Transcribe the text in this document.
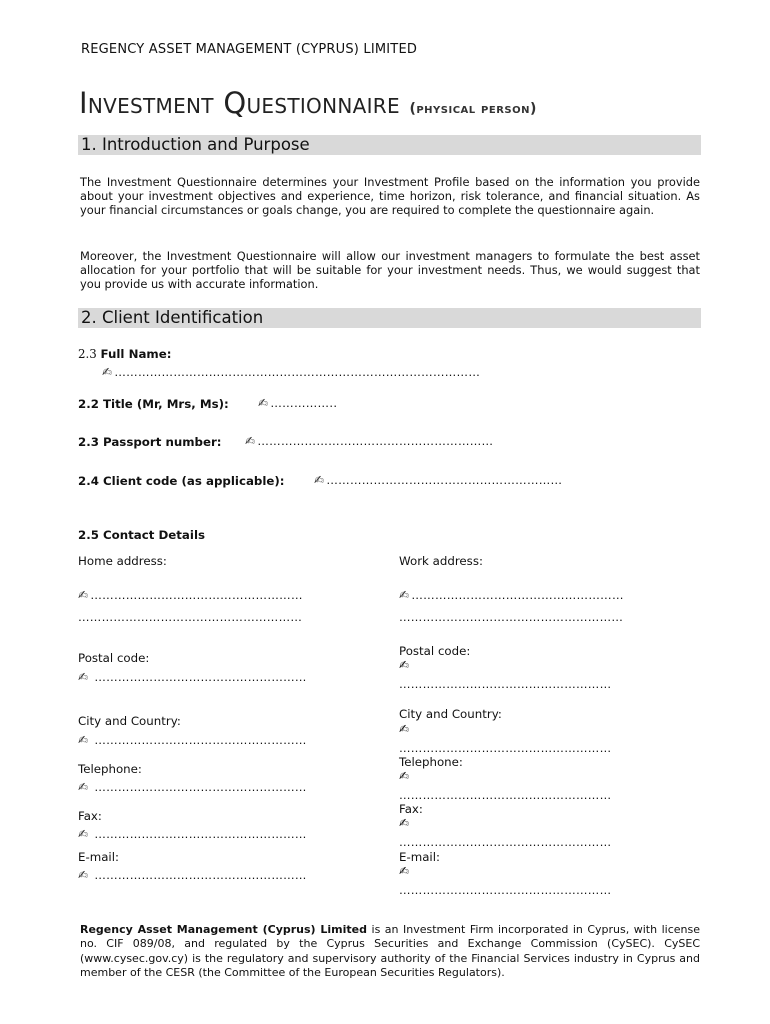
REGENCY ASSET MANAGEMENT (CYPRUS) LIMITED
Investment Questionnaire (physical person)
1. Introduction and Purpose
The Investment Questionnaire determines your Investment Profile based on the information you provide about your investment objectives and experience, time horizon, risk tolerance, and financial situation. As your financial circumstances or goals change, you are required to complete the questionnaire again.
Moreover, the Investment Questionnaire will allow our investment managers to formulate the best asset allocation for your portfolio that will be suitable for your investment needs. Thus, we would suggest that you provide us with accurate information.
2. Client Identification
2.3 Full Name:
✍ …………………………………………………………………………………
2.2 Title (Mr, Mrs, Ms): ✍ ……………..
2.3 Passport number: ✍ ……………………………………………………
2.4 Client code (as applicable): ✍ ……………………………………………………
2.5 Contact Details
Home address:
✍ ………………………………………………
…………………………………………………
Postal code:
✍ ………………………………………………
City and Country:
✍ ………………………………………………
Telephone:
✍ ………………………………………………
Fax:
✍ ………………………………………………
E-mail:
✍ ………………………………………………
Work address:
✍ ………………………………………………
…………………………………………………
Postal code:
✍
………………………………………………
City and Country:
✍
………………………………………………
Telephone:
✍
………………………………………………
Fax:
✍
………………………………………………
E-mail:
✍
………………………………………………
Regency Asset Management (Cyprus) Limited is an Investment Firm incorporated in Cyprus, with license no. CIF 089/08, and regulated by the Cyprus Securities and Exchange Commission (CySEC). CySEC (www.cysec.gov.cy) is the regulatory and supervisory authority of the Financial Services industry in Cyprus and member of the CESR (the Committee of the European Securities Regulators).
